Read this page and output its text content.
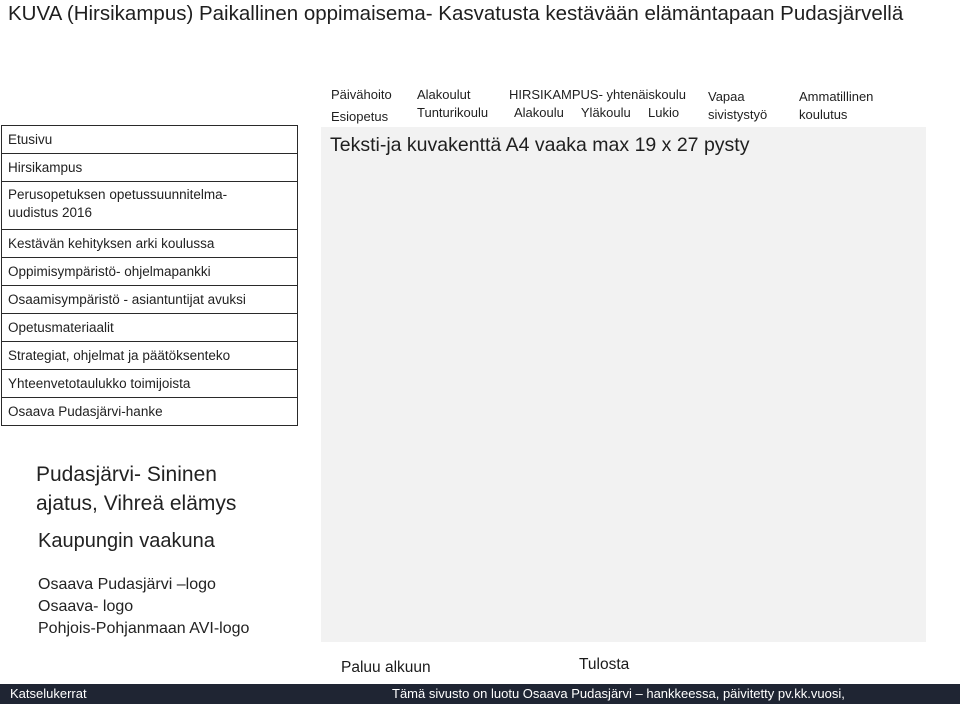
KUVA (Hirsikampus) Paikallinen oppimaisema- Kasvatusta kestävään elämäntapaan Pudasjärvellä
Päivähoito
Esiopetus
Alakoulut
Tunturikoulu
HIRSIKAMPUS- yhtenäiskoulu
Alakoulu Yläkoulu Lukio
Vapaa
sivistystyö
Ammatillinen
koulutus
Etusivu
Hirsikampus
Perusopetuksen opetussuunnitelma-
uudistus 2016
Kestävän kehityksen arki koulussa
Oppimisympäristö- ohjelmapankki
Osaamisympäristö - asiantuntijat avuksi
Opetusmateriaalit
Strategiat, ohjelmat ja päätöksenteko
Yhteenvetotaulukko toimijoista
Osaava Pudasjärvi-hanke
Teksti-ja kuvakenttä A4 vaaka max 19 x 27 pysty
Pudasjärvi- Sininen
ajatus, Vihreä elämys
Kaupungin vaakuna
Osaava Pudasjärvi –logo
Osaava- logo
Pohjois-Pohjanmaan AVI-logo
Paluu alkuun	Tulosta
Katselukerrat	Tämä sivusto on luotu Osaava Pudasjärvi – hankkeessa, päivitetty pv.kk.vuosi,
